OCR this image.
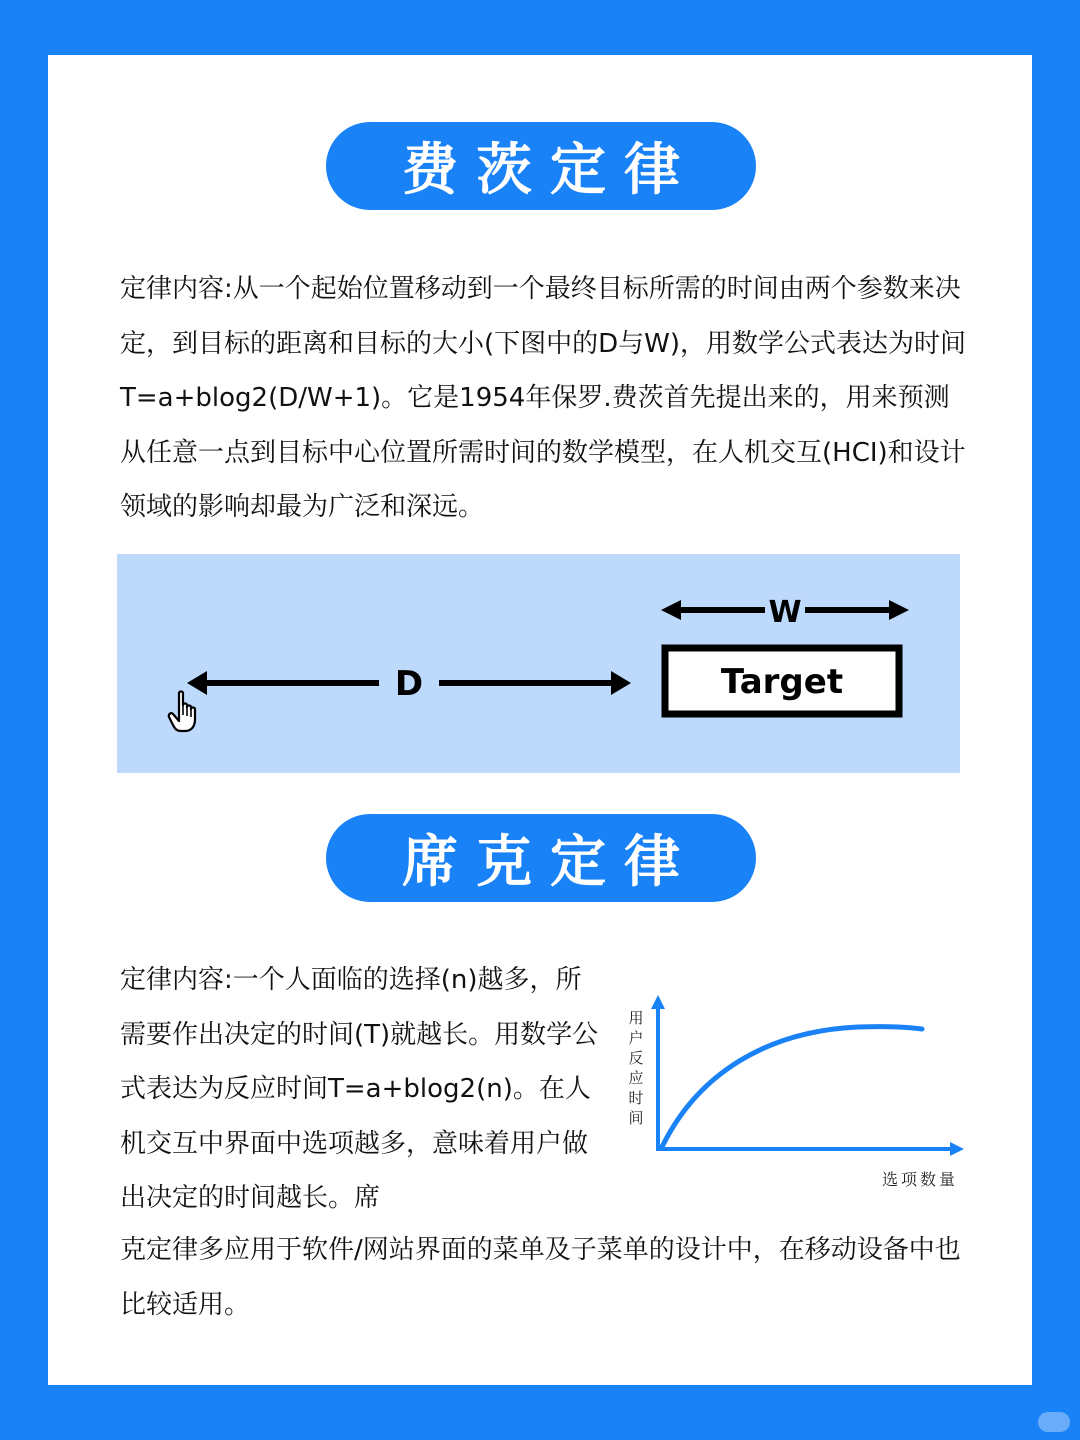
费茨定律

定律内容:从一个起始位置移动到一个最终目标所需的时间由两个参数来决定，到目标的距离和目标的大小(下图中的D与W)，用数学公式表达为时间T=a+blog2(D/W+1)。它是1954年保罗.费茨首先提出来的，用来预测从任意一点到目标中心位置所需时间的数学模型，在人机交互(HCI)和设计领域的影响却最为广泛和深远。

D
W
Target
席克定律

定律内容:一个人面临的选择(n)越多，所需要作出决定的时间(T)就越长。用数学公式表达为反应时间T=a+blog2(n)。在人机交互中界面中选项越多，意味着用户做出决定的时间越长。席

用
户
反
应
时
间
选项数量

克定律多应用于软件/网站界面的菜单及子菜单的设计中，在移动设备中也比较适用。
